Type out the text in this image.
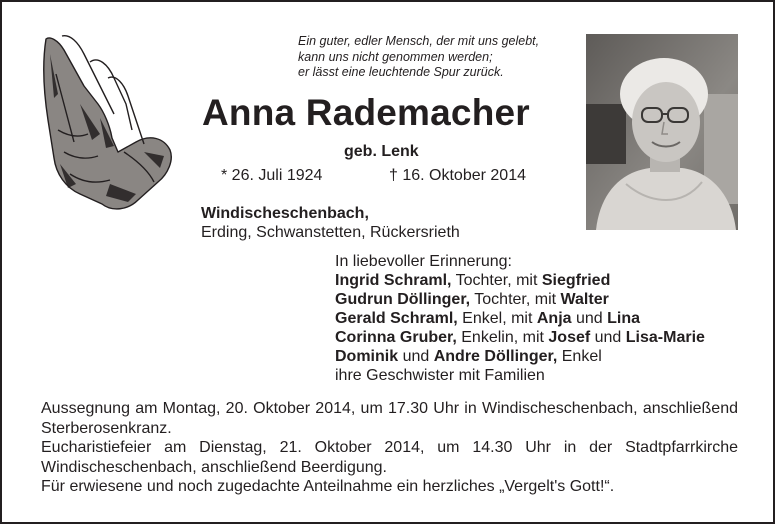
Ein guter, edler Mensch, der mit uns gelebt,
kann uns nicht genommen werden;
er lässt eine leuchtende Spur zurück.
Anna Rademacher
geb. Lenk
* 26. Juli 1924	† 16. Oktober 2014
Windischeschenbach,
Erding, Schwanstetten, Rückersrieth
In liebevoller Erinnerung:
Ingrid Schraml, Tochter, mit Siegfried
Gudrun Döllinger, Tochter, mit Walter
Gerald Schraml, Enkel, mit Anja und Lina
Corinna Gruber, Enkelin, mit Josef und Lisa-Marie
Dominik und Andre Döllinger, Enkel
ihre Geschwister mit Familien

Aussegnung am Montag, 20. Oktober 2014, um 17.30 Uhr in Windischeschenbach, anschließend Sterberosenkranz.

Eucharistiefeier am Dienstag, 21. Oktober 2014, um 14.30 Uhr in der Stadtpfarrkirche Windischeschenbach, anschließend Beerdigung.

Für erwiesene und noch zugedachte Anteilnahme ein herzliches „Vergelt's Gott!“.
